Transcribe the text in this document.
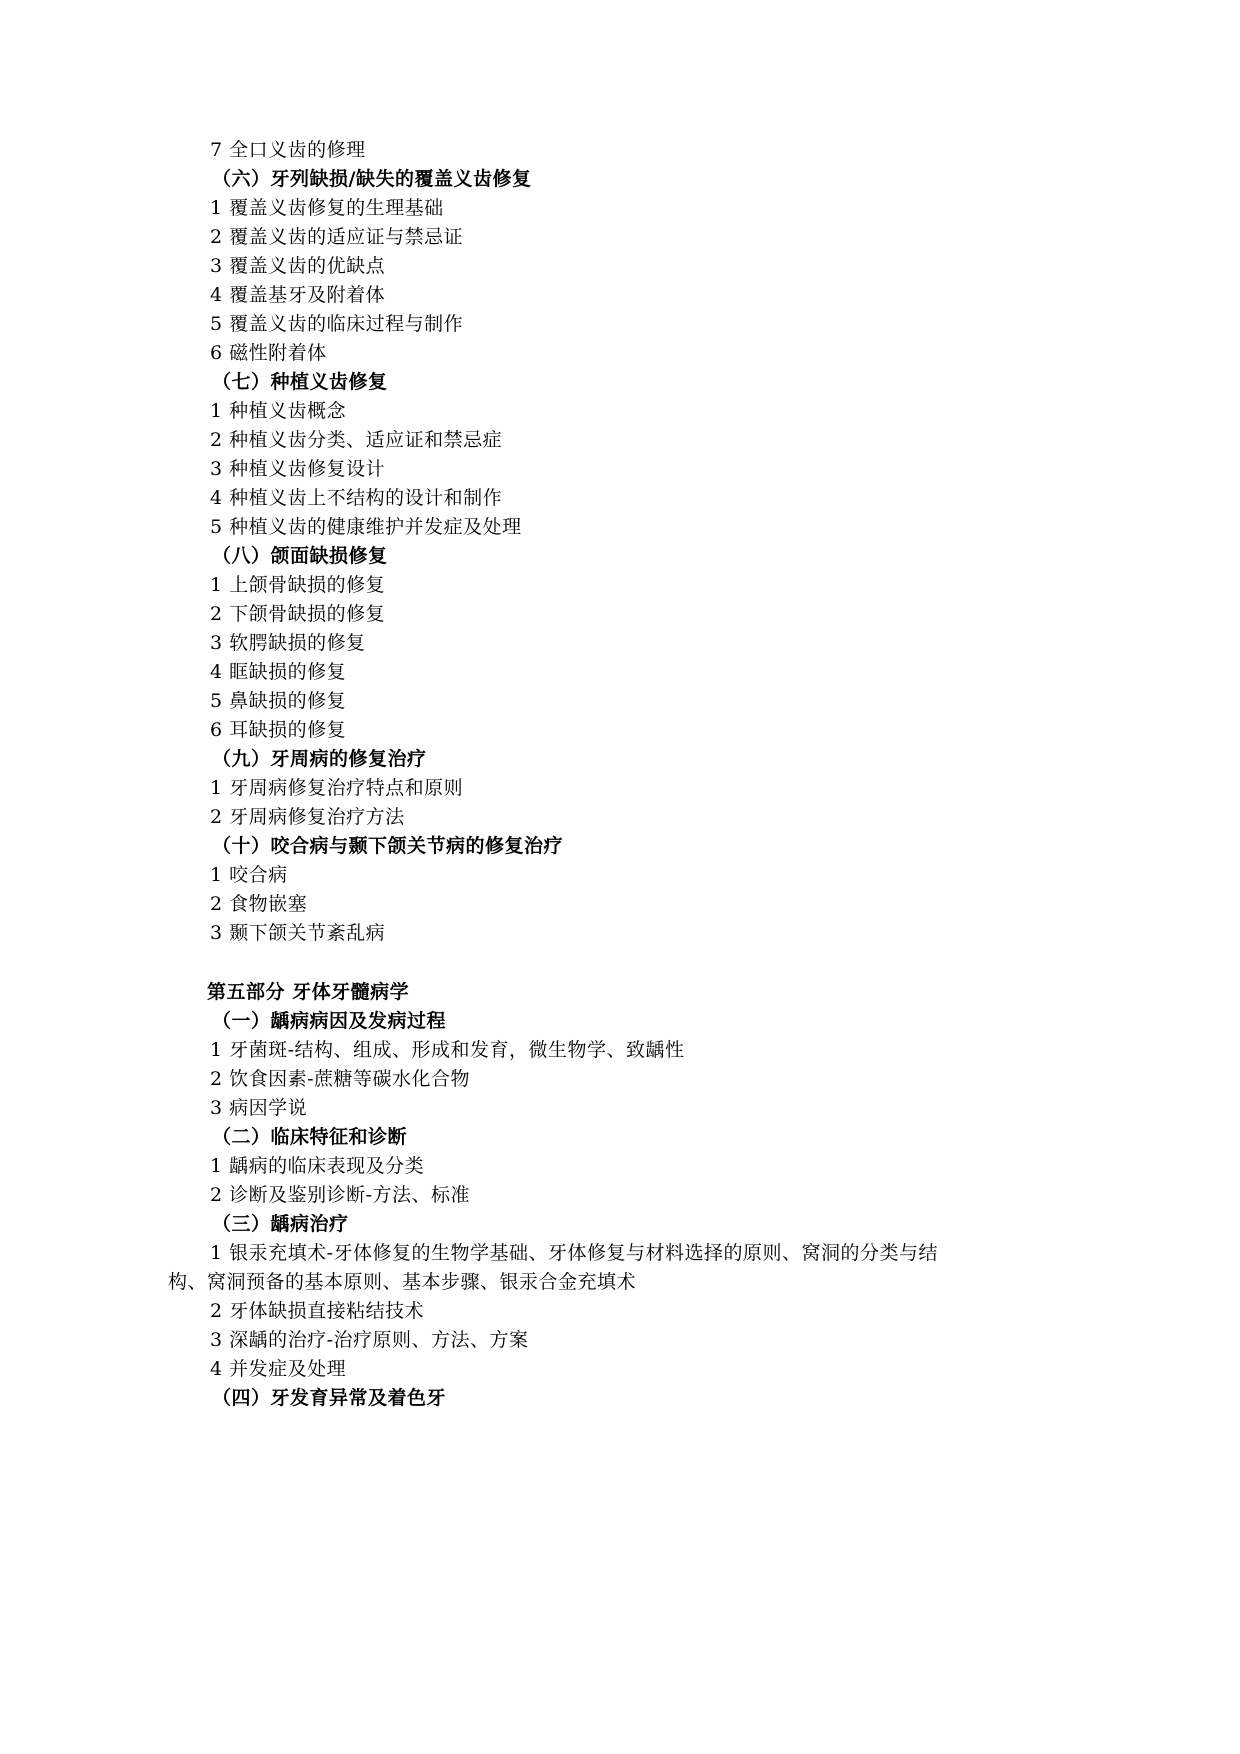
7 全口义齿的修理
（六）牙列缺损/缺失的覆盖义齿修复
1 覆盖义齿修复的生理基础
2 覆盖义齿的适应证与禁忌证
3 覆盖义齿的优缺点
4 覆盖基牙及附着体
5 覆盖义齿的临床过程与制作
6 磁性附着体
（七）种植义齿修复
1 种植义齿概念
2 种植义齿分类、适应证和禁忌症
3 种植义齿修复设计
4 种植义齿上不结构的设计和制作
5 种植义齿的健康维护并发症及处理
（八）颌面缺损修复
1 上颌骨缺损的修复
2 下颌骨缺损的修复
3 软腭缺损的修复
4 眶缺损的修复
5 鼻缺损的修复
6 耳缺损的修复
（九）牙周病的修复治疗
1 牙周病修复治疗特点和原则
2 牙周病修复治疗方法
（十）咬合病与颞下颌关节病的修复治疗
1 咬合病
2 食物嵌塞
3 颞下颌关节紊乱病
第五部分 牙体牙髓病学
（一）龋病病因及发病过程
1 牙菌斑-结构、组成、形成和发育，微生物学、致龋性
2 饮食因素-蔗糖等碳水化合物
3 病因学说
（二）临床特征和诊断
1 龋病的临床表现及分类
2 诊断及鉴别诊断-方法、标准
（三）龋病治疗
1 银汞充填术-牙体修复的生物学基础、牙体修复与材料选择的原则、窝洞的分类与结
构、窝洞预备的基本原则、基本步骤、银汞合金充填术
2 牙体缺损直接粘结技术
3 深龋的治疗-治疗原则、方法、方案
4 并发症及处理
（四）牙发育异常及着色牙
